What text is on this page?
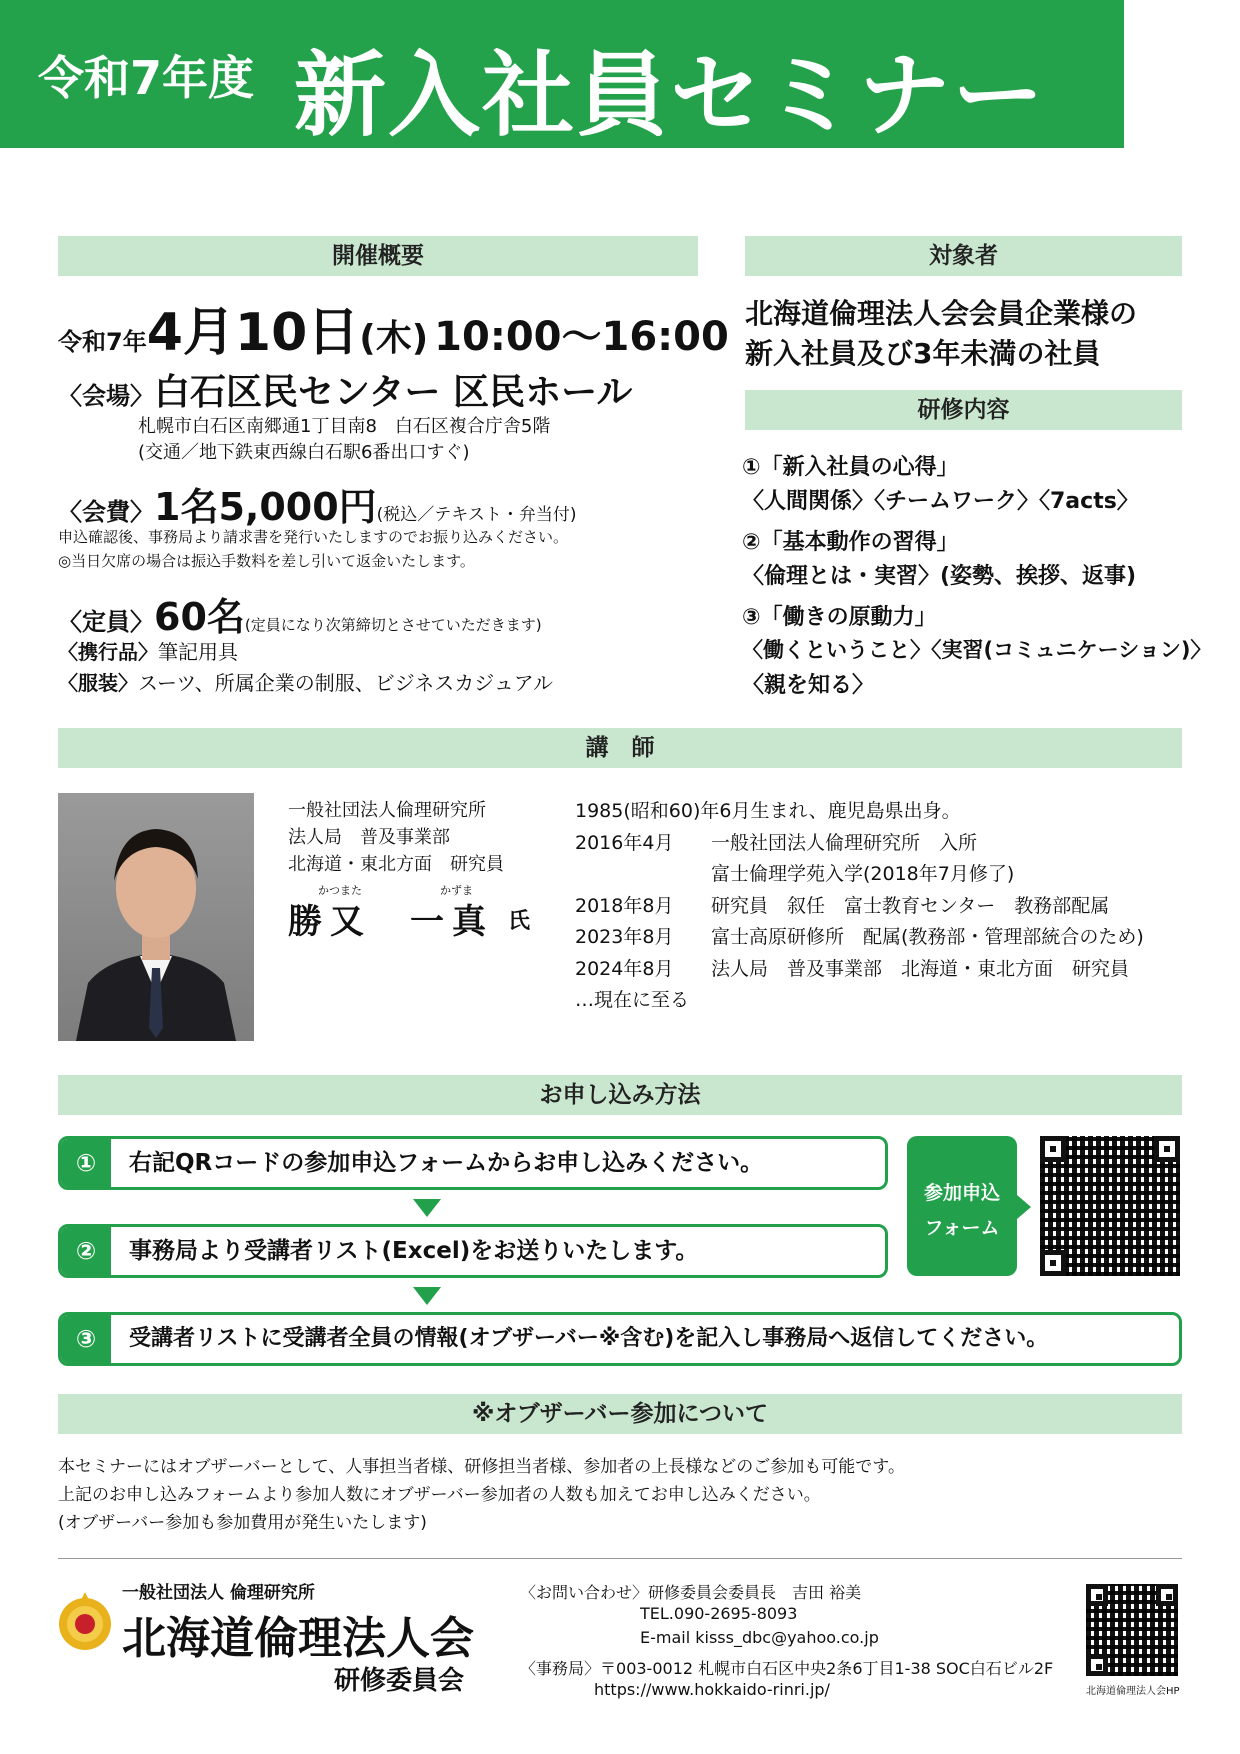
令和7年度 新入社員セミナー
開催概要	対象者
研修内容
令和7年4月10日(木) 10:00〜16:00
〈会場〉白石区民センター 区民ホール
札幌市白石区南郷通1丁目南8　白石区複合庁舎5階
(交通／地下鉄東西線白石駅6番出口すぐ)
〈会費〉1名5,000円(税込／テキスト・弁当付)
申込確認後、事務局より請求書を発行いたしますのでお振り込みください。
◎当日欠席の場合は振込手数料を差し引いて返金いたします。
〈定員〉60名(定員になり次第締切とさせていただきます)
〈携行品〉筆記用具
〈服装〉スーツ、所属企業の制服、ビジネスカジュアル
北海道倫理法人会会員企業様の
新入社員及び3年未満の社員
①「新入社員の心得」
〈人間関係〉〈チームワーク〉〈7acts〉
②「基本動作の習得」
〈倫理とは・実習〉(姿勢、挨拶、返事)
③「働きの原動力」
〈働くということ〉〈実習(コミュニケーション)〉
〈親を知る〉
講　師
一般社団法人倫理研究所
法人局　普及事業部
北海道・東北方面　研究員
かつまた	かずま
勝又 一真 氏
1985(昭和60)年6月生まれ、鹿児島県出身。
2016年4月 一般社団法人倫理研究所　入所
富士倫理学苑入学(2018年7月修了)
2018年8月 研究員　叙任　富士教育センター　教務部配属
2023年8月 富士高原研修所　配属(教務部・管理部統合のため)
2024年8月 法人局　普及事業部　北海道・東北方面　研究員
…現在に至る
お申し込み方法
①	右記QRコードの参加申込フォームからお申し込みください。
②	事務局より受講者リスト(Excel)をお送りいたします。
③	受講者リストに受講者全員の情報(オブザーバー※含む)を記入し事務局へ返信してください。
参加申込
フォーム
※オブザーバー参加について
本セミナーにはオブザーバーとして、人事担当者様、研修担当者様、参加者の上長様などのご参加も可能です。
上記のお申し込みフォームより参加人数にオブザーバー参加者の人数も加えてお申し込みください。
(オブザーバー参加も参加費用が発生いたします)
一般社団法人 倫理研究所
北海道倫理法人会
研修委員会
〈お問い合わせ〉研修委員会委員長　吉田 裕美
TEL.090-2695-8093
E-mail kisss_dbc@yahoo.co.jp
〈事務局〉〒003-0012 札幌市白石区中央2条6丁目1-38 SOC白石ビル2F
https://www.hokkaido-rinri.jp/	北海道倫理法人会HP
